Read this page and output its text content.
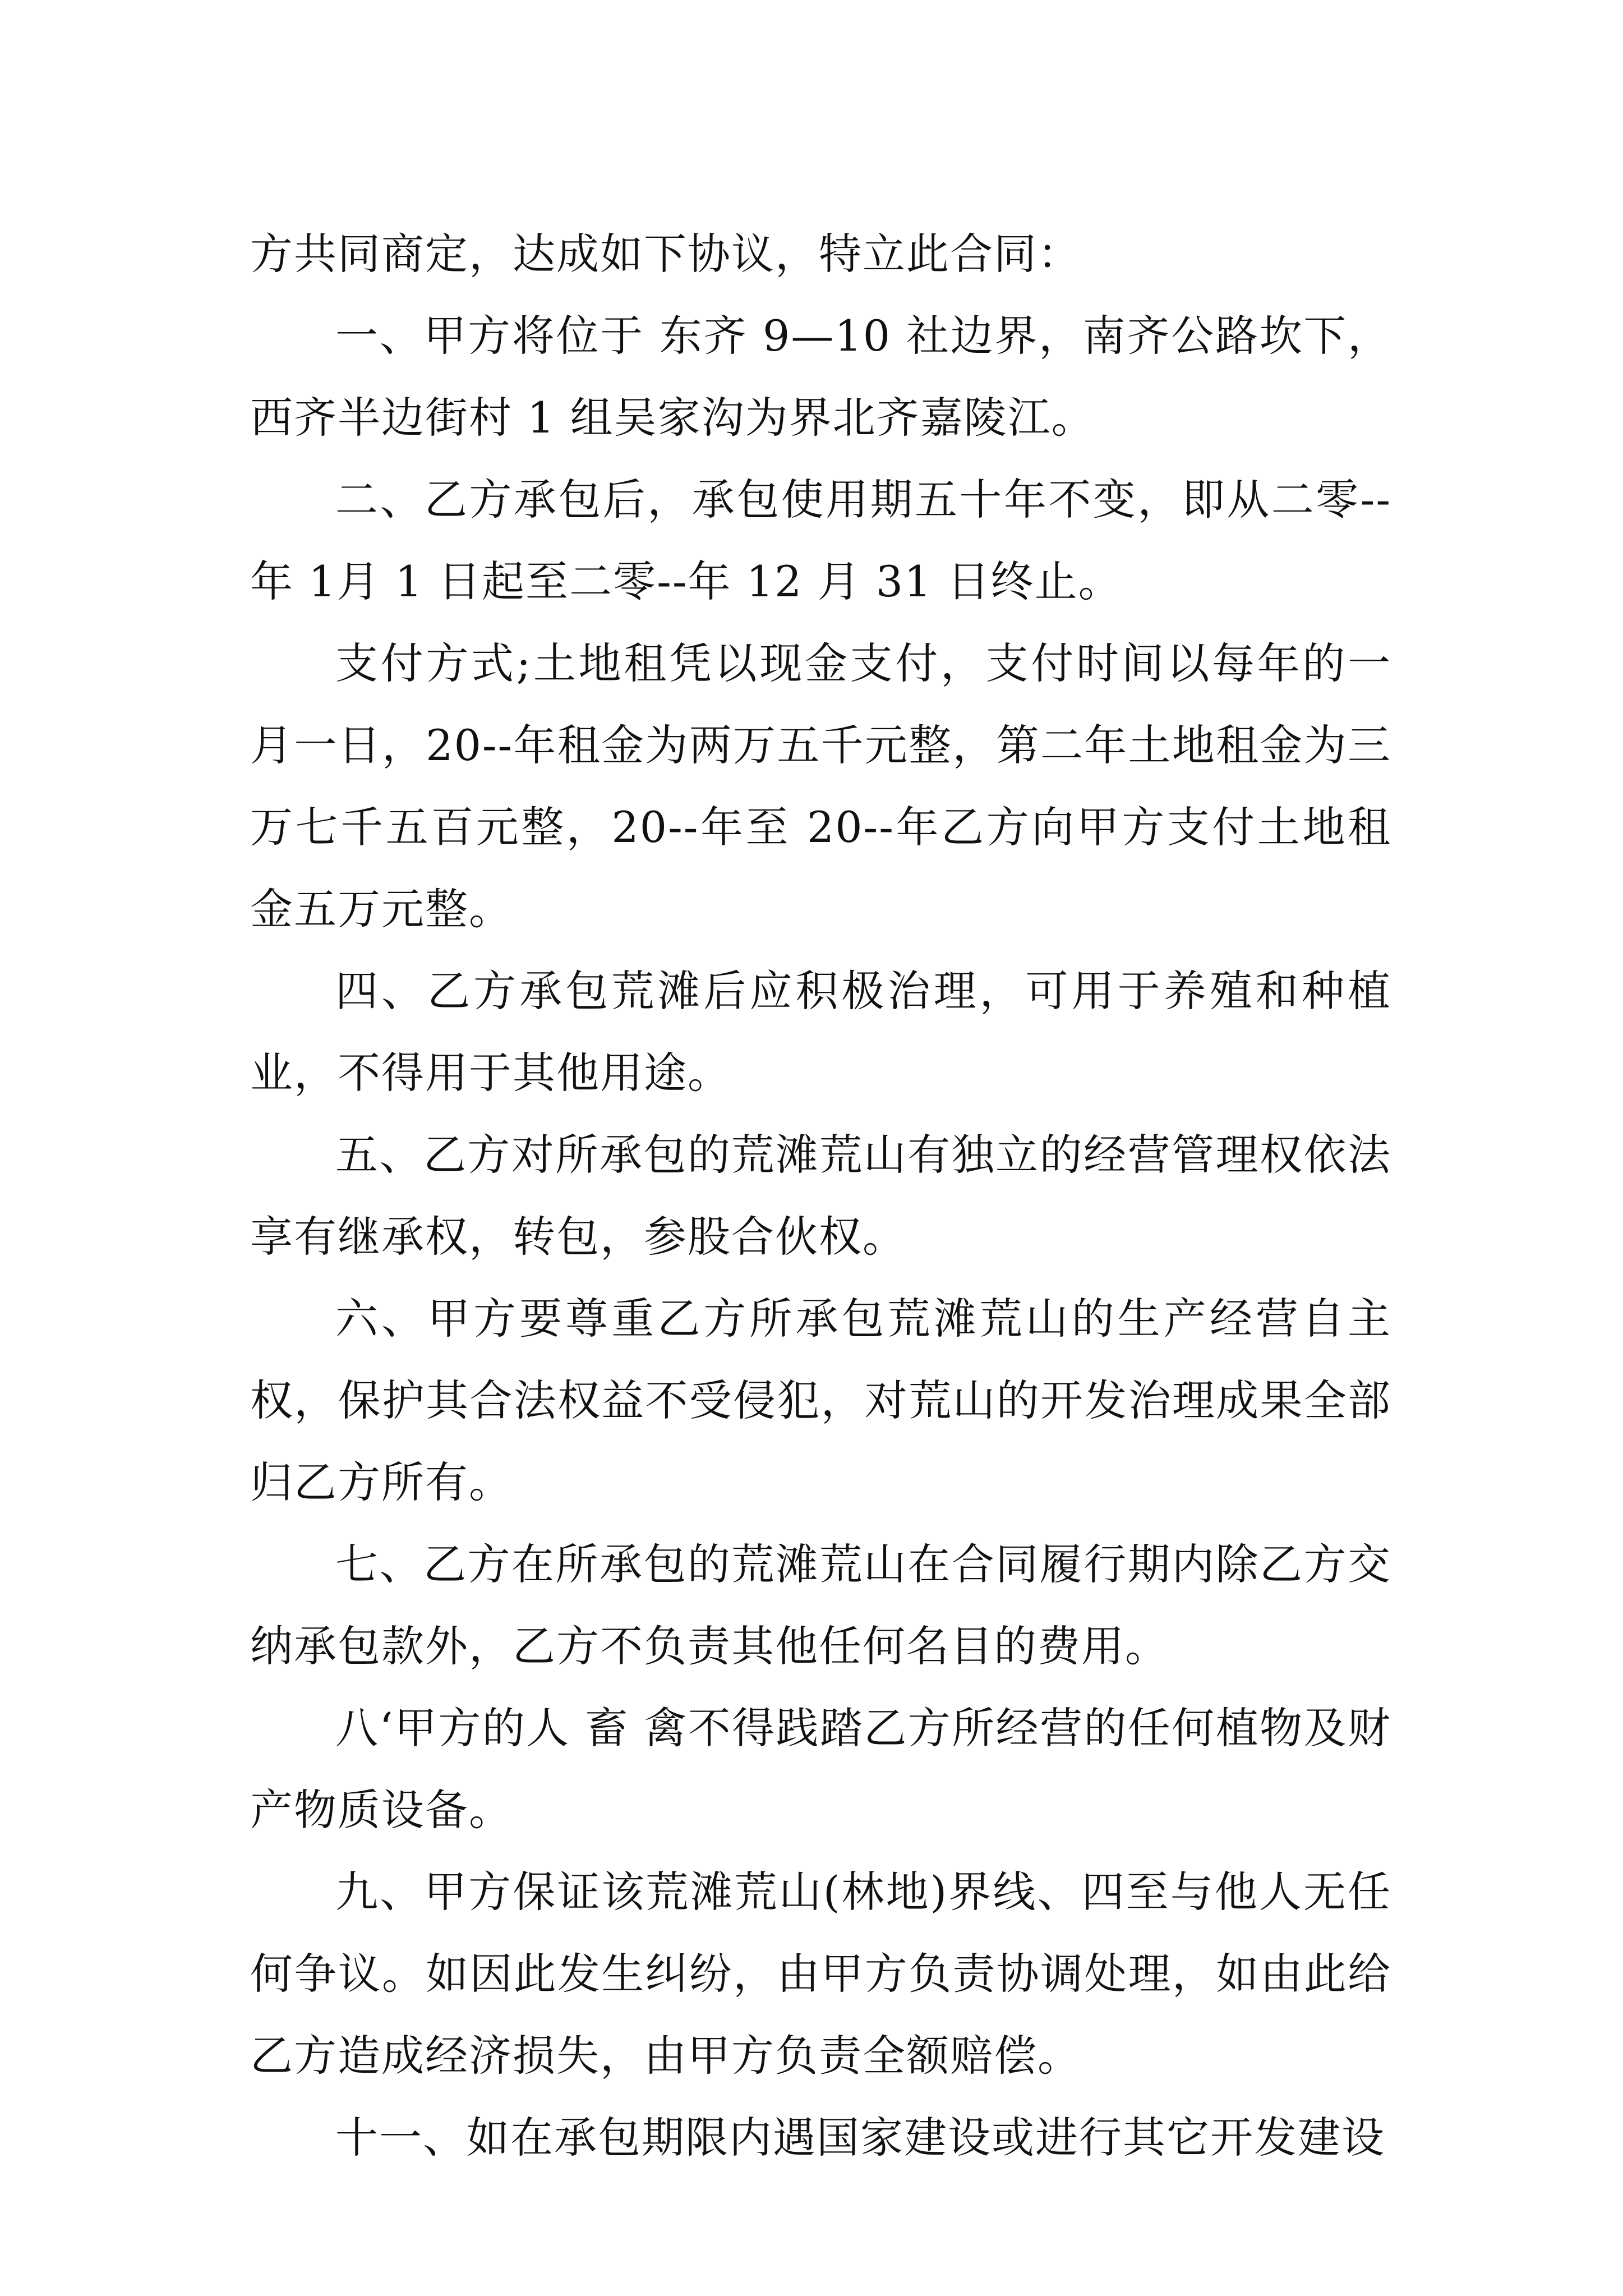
方共同商定，达成如下协议，特立此合同：

一、甲方将位于 东齐 9—10 社边界，南齐公路坎下，西齐半边街村 1 组吴家沟为界北齐嘉陵江。

二、乙方承包后，承包使用期五十年不变，即从二零--年 1月 1 日起至二零--年 12 月 31 日终止。

支付方式;土地租凭以现金支付，支付时间以每年的一月一日，20--年租金为两万五千元整，第二年土地租金为三万七千五百元整，20--年至 20--年乙方向甲方支付土地租金五万元整。

四、乙方承包荒滩后应积极治理，可用于养殖和种植业，不得用于其他用途。

五、乙方对所承包的荒滩荒山有独立的经营管理权依法享有继承权，转包，参股合伙权。

六、甲方要尊重乙方所承包荒滩荒山的生产经营自主权，保护其合法权益不受侵犯，对荒山的开发治理成果全部归乙方所有。

七、乙方在所承包的荒滩荒山在合同履行期内除乙方交纳承包款外，乙方不负责其他任何名目的费用。

八‘甲方的人 畜 禽不得践踏乙方所经营的任何植物及财产物质设备。

九、甲方保证该荒滩荒山(林地)界线、四至与他人无任何争议。如因此发生纠纷，由甲方负责协调处理，如由此给乙方造成经济损失，由甲方负责全额赔偿。

十一、如在承包期限内遇国家建设或进行其它开发建设
